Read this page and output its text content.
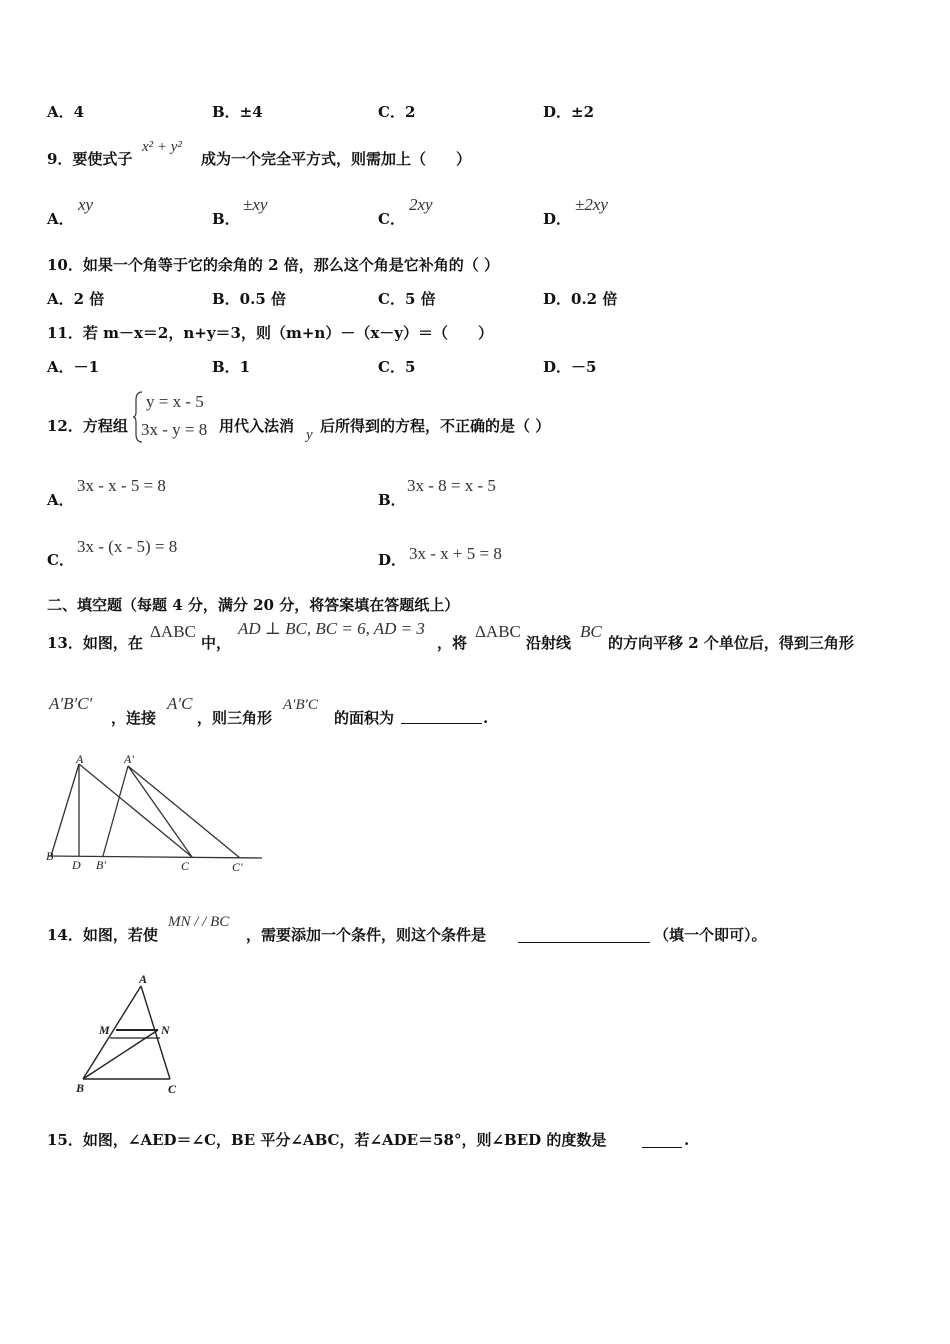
A．4	B．±4	C．2	D．±2
9．要使式子
x² + y²
成为一个完全平方式，则需加上（　　）
A．
xy
B．
±xy
C．
2xy
D．
±2xy
10．如果一个角等于它的余角的 2 倍，那么这个角是它补角的（ ）
A．2 倍	B．0.5 倍	C．5 倍	D．0.2 倍
11．若 m－x＝2，n+y＝3，则（m+n）－（x－y）＝（　　）
A．－1	B．1	C．5	D．－5
12．方程组
y = x - 5
3x - y = 8 用代入法消 y 后所得到的方程，不正确的是（ ）
A．
3x - x - 5 = 8
B．
3x - 8 = x - 5
C．
3x - (x - 5) = 8
D． 3x - x + 5 = 8
二、填空题（每题 4 分，满分 20 分，将答案填在答题纸上）
13．如图，在
ΔABC
中，
AD ⊥ BC, BC = 6, AD = 3
，将
ΔABC
沿射线
BC
的方向平移 2 个单位后，得到三角形
A′B′C′
，连接
A′C
，则三角形
A′B′C
的面积为	.
A	A'
B
D B'	C	C'
14．如图，若使
MN / / BC
，需要添加一个条件，则这个条件是	（填一个即可）。
A
M	N
B	C
15．如图，∠AED＝∠C，BE 平分∠ABC，若∠ADE＝58°，则∠BED 的度数是	.
